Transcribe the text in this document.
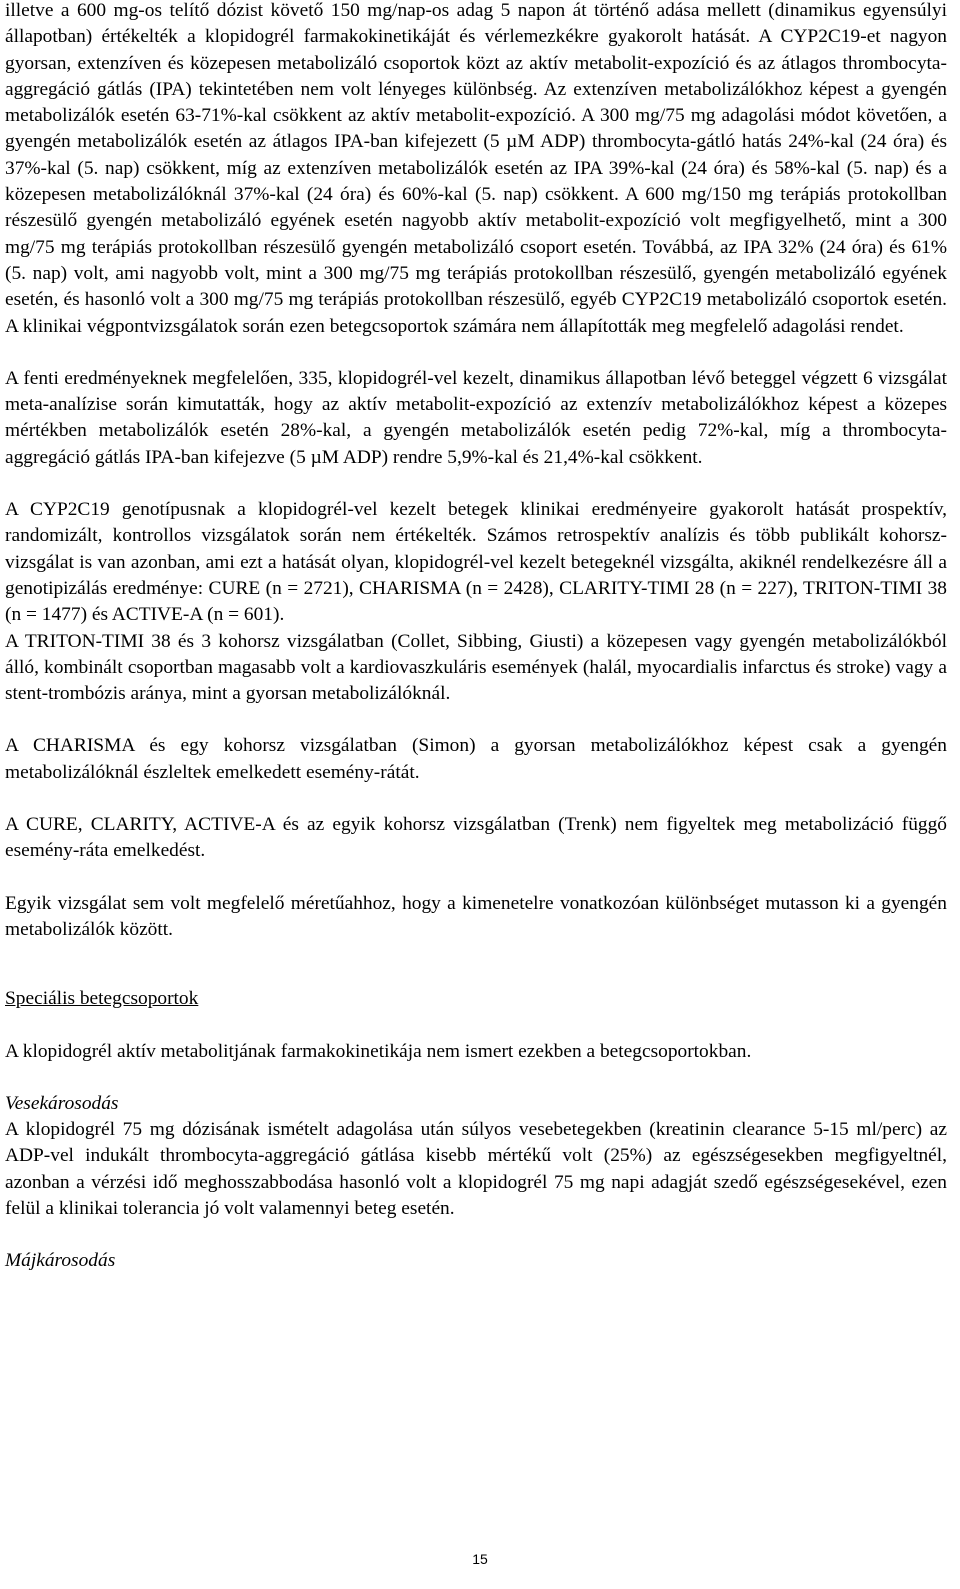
illetve a 600 mg-os telítő dózist követő 150 mg/nap-os adag 5 napon át történő adása mellett (dinamikus egyensúlyi állapotban) értékelték a klopidogrél farmakokinetikáját és vérlemezkékre gyakorolt hatását. A CYP2C19-et nagyon gyorsan, extenzíven és közepesen metabolizáló csoportok közt az aktív metabolit-expozíció és az átlagos thrombocyta-aggregáció gátlás (IPA) tekintetében nem volt lényeges különbség. Az extenzíven metabolizálókhoz képest a gyengén metabolizálók esetén 63-71%-kal csökkent az aktív metabolit-expozíció. A 300 mg/75 mg adagolási módot követően, a gyengén metabolizálók esetén az átlagos IPA-ban kifejezett (5 µM ADP) thrombocyta-gátló hatás 24%-kal (24 óra) és 37%-kal (5. nap) csökkent, míg az extenzíven metabolizálók esetén az IPA 39%-kal (24 óra) és 58%-kal (5. nap) és a közepesen metabolizálóknál 37%-kal (24 óra) és 60%-kal (5. nap) csökkent. A 600 mg/150 mg terápiás protokollban részesülő gyengén metabolizáló egyének esetén nagyobb aktív metabolit-expozíció volt megfigyelhető, mint a 300 mg/75 mg terápiás protokollban részesülő gyengén metabolizáló csoport esetén. Továbbá, az IPA 32% (24 óra) és 61% (5. nap) volt, ami nagyobb volt, mint a 300 mg/75 mg terápiás protokollban részesülő, gyengén metabolizáló egyének esetén, és hasonló volt a 300 mg/75 mg terápiás protokollban részesülő, egyéb CYP2C19 metabolizáló csoportok esetén. A klinikai végpontvizsgálatok során ezen betegcsoportok számára nem állapították meg megfelelő adagolási rendet.

A fenti eredményeknek megfelelően, 335, klopidogrél-vel kezelt, dinamikus állapotban lévő beteggel végzett 6 vizsgálat meta-analízise során kimutatták, hogy az aktív metabolit-expozíció az extenzív metabolizálókhoz képest a közepes mértékben metabolizálók esetén 28%-kal, a gyengén metabolizálók esetén pedig 72%-kal, míg a thrombocyta-aggregáció gátlás IPA-ban kifejezve (5 µM ADP) rendre 5,9%-kal és 21,4%-kal csökkent.

A CYP2C19 genotípusnak a klopidogrél-vel kezelt betegek klinikai eredményeire gyakorolt hatását prospektív, randomizált, kontrollos vizsgálatok során nem értékelték. Számos retrospektív analízis és több publikált kohorsz-vizsgálat is van azonban, ami ezt a hatását olyan, klopidogrél-vel kezelt betegeknél vizsgálta, akiknél rendelkezésre áll a genotipizálás eredménye: CURE (n = 2721), CHARISMA (n = 2428), CLARITY-TIMI 28 (n = 227), TRITON-TIMI 38 (n = 1477) és ACTIVE-A (n = 601).

A TRITON-TIMI 38 és 3 kohorsz vizsgálatban (Collet, Sibbing, Giusti) a közepesen vagy gyengén metabolizálókból álló, kombinált csoportban magasabb volt a kardiovaszkuláris események (halál, myocardialis infarctus és stroke) vagy a stent-trombózis aránya, mint a gyorsan metabolizálóknál.

A CHARISMA és egy kohorsz vizsgálatban (Simon) a gyorsan metabolizálókhoz képest csak a gyengén metabolizálóknál észleltek emelkedett esemény-rátát.

A CURE, CLARITY, ACTIVE-A és az egyik kohorsz vizsgálatban (Trenk) nem figyeltek meg metabolizáció függő esemény-ráta emelkedést.

Egyik vizsgálat sem volt megfelelő méretűahhoz, hogy a kimenetelre vonatkozóan különbséget mutasson ki a gyengén metabolizálók között.

Speciális betegcsoportok

A klopidogrél aktív metabolitjának farmakokinetikája nem ismert ezekben a betegcsoportokban.

Vesekárosodás

A klopidogrél 75 mg dózisának ismételt adagolása után súlyos vesebetegekben (kreatinin clearance 5-15 ml/perc) az ADP-vel indukált thrombocyta-aggregáció gátlása kisebb mértékű volt (25%) az egészségesekben megfigyeltnél, azonban a vérzési idő meghosszabbodása hasonló volt a klopidogrél 75 mg napi adagját szedő egészségesekével, ezen felül a klinikai tolerancia jó volt valamennyi beteg esetén.

Májkárosodás

15
